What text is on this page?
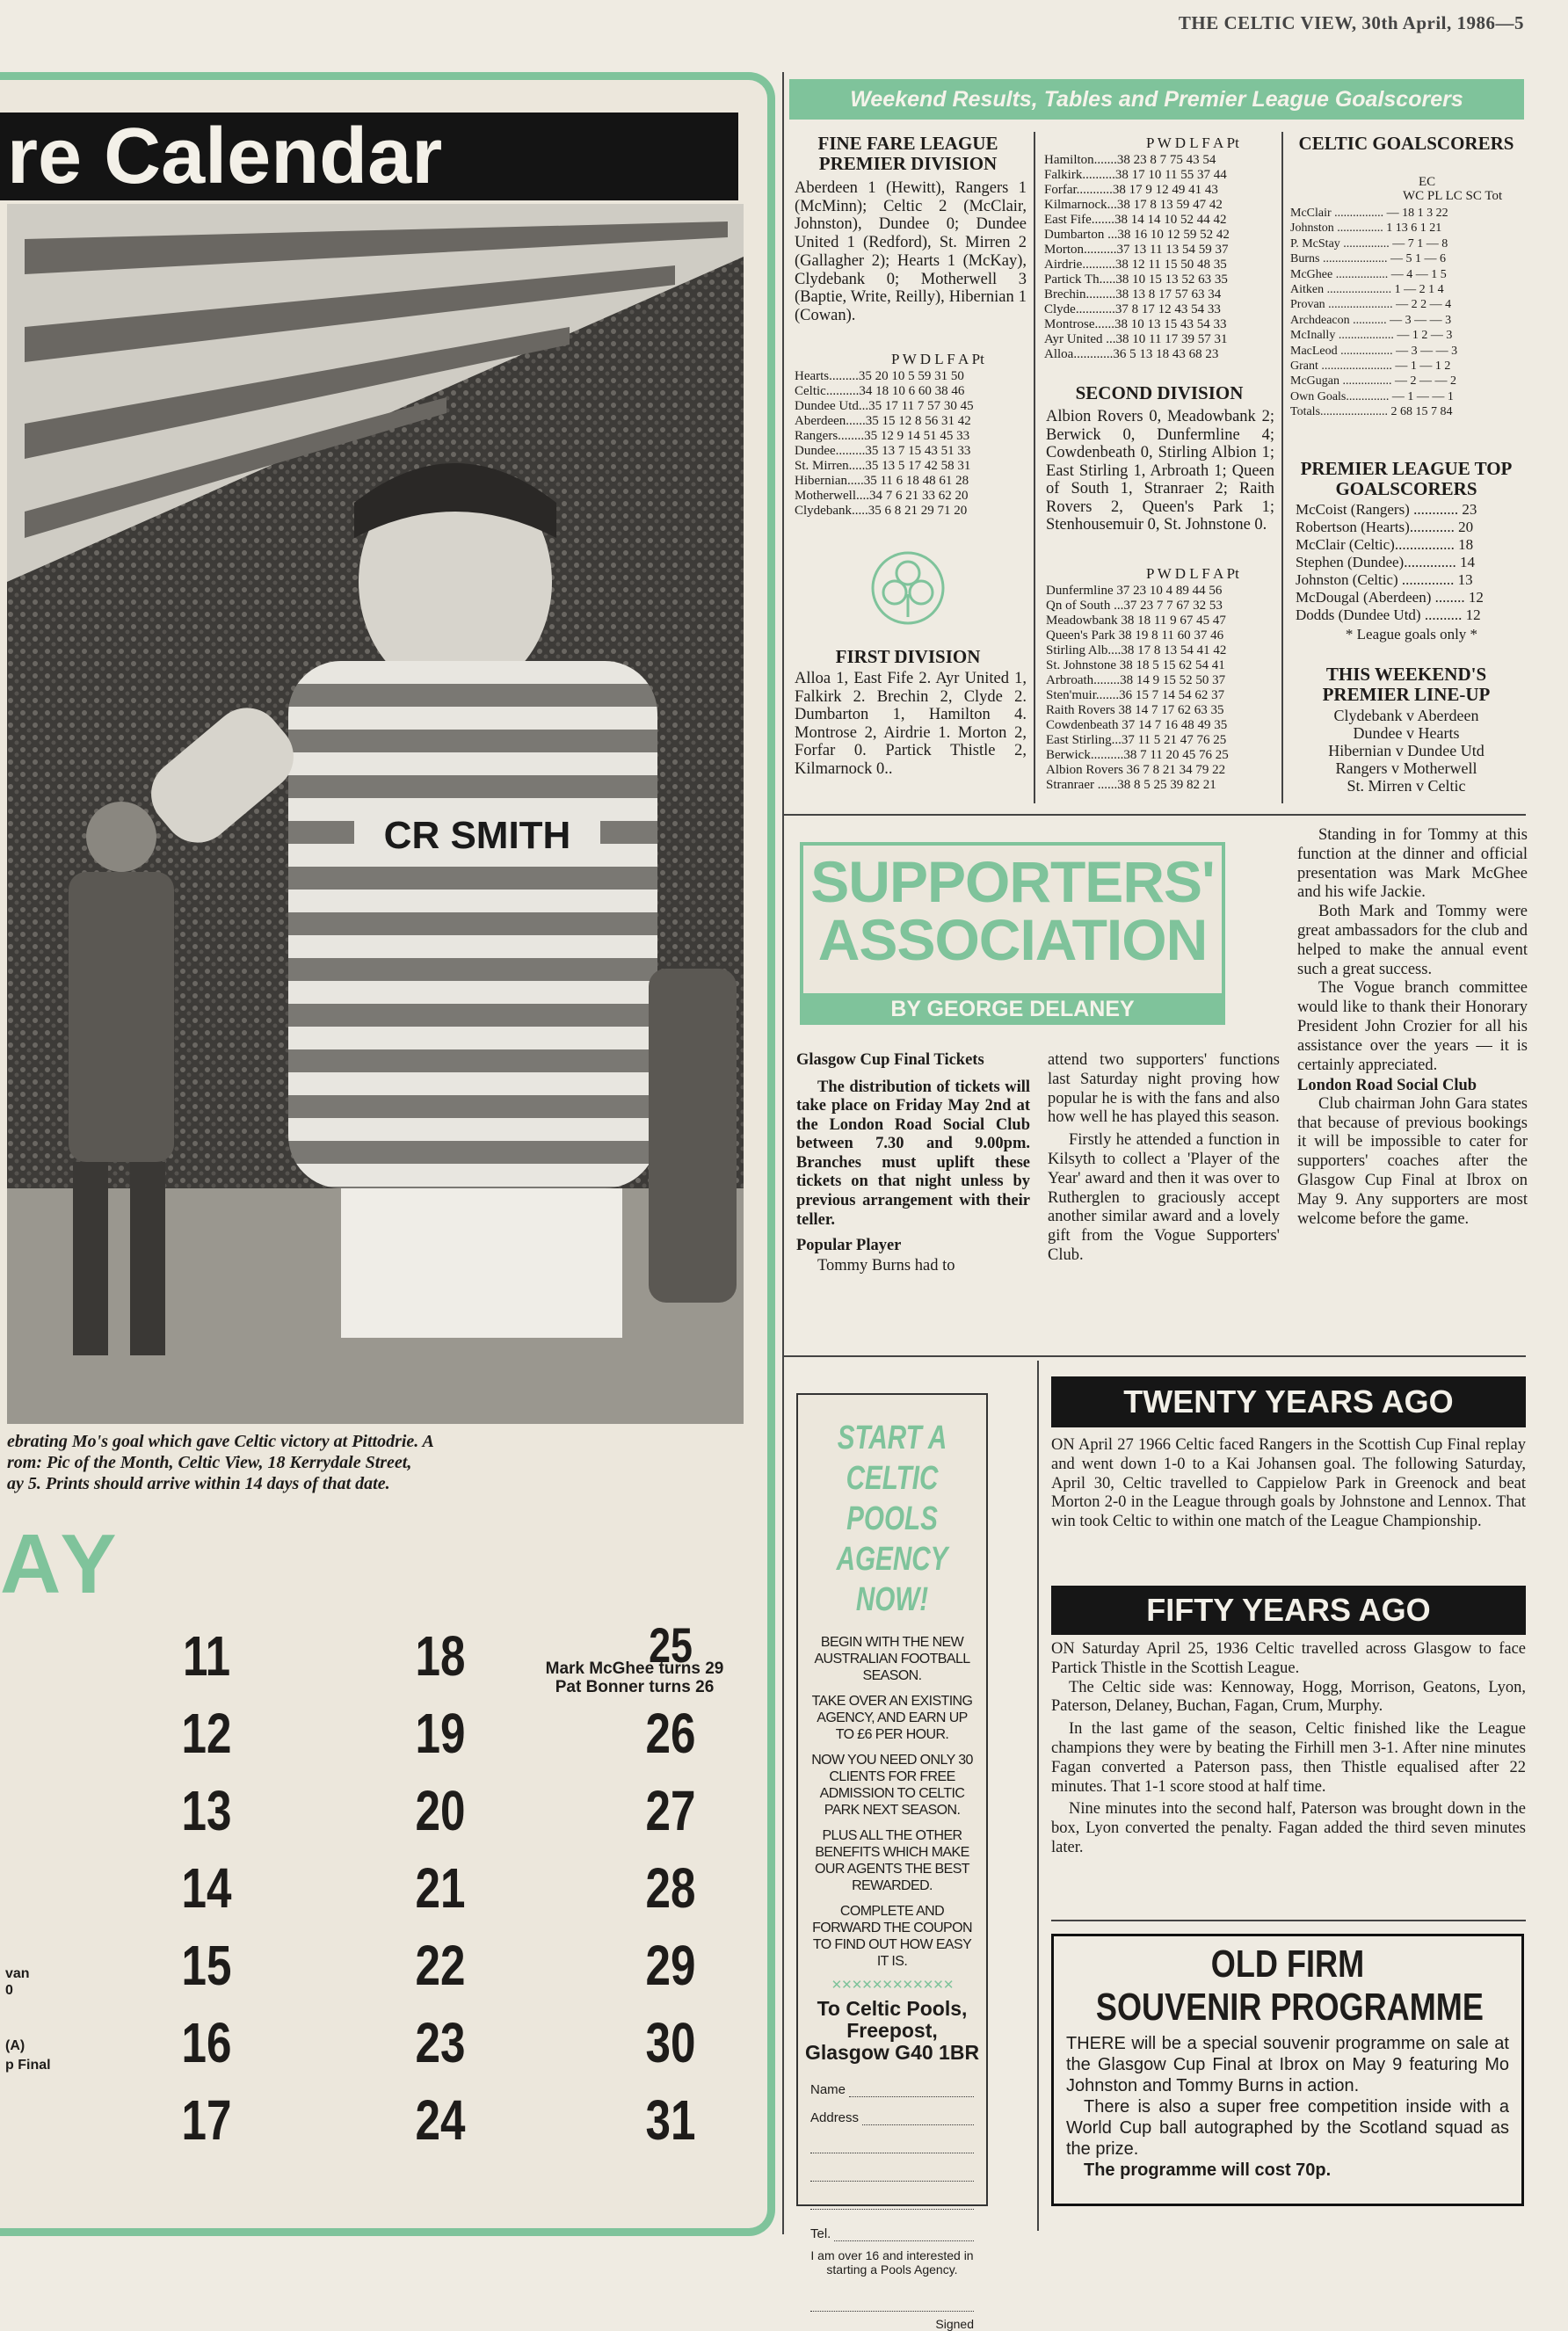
THE CELTIC VIEW, 30th April, 1986—5
re Calendar
CR SMITH
ebrating Mo's goal which gave Celtic victory at Pittodrie. A
rom: Pic of the Month, Celtic View, 18 Kerrydale Street,
ay 5. Prints should arrive within 14 days of that date.
AY
van
0
(A)
p Final
11
12
13
14
15
16
17
18
19
20
21
22
23
24
25
Mark McGhee turns 29
Pat Bonner turns 26
26
27
28
29
30
31
Weekend Results, Tables and Premier League Goalscorers
FINE FARE LEAGUE PREMIER DIVISION
Aberdeen 1 (Hewitt), Rangers 1 (McMinn); Celtic 2 (McClair, Johnston), Dundee 0; Dundee United 1 (Redford), St. Mirren 2 (Gallagher 2); Hearts 1 (McKay), Clydebank 0; Motherwell 3 (Baptie, Write, Reilly), Hibernian 1 (Cowan).
P W D L F A Pt
Hearts.........35 20 10 5 59 31 50
Celtic..........34 18 10 6 60 38 46
Dundee Utd...35 17 11 7 57 30 45
Aberdeen......35 15 12 8 56 31 42
Rangers........35 12 9 14 51 45 33
Dundee.........35 13 7 15 43 51 33
St. Mirren.....35 13 5 17 42 58 31
Hibernian.....35 11 6 18 48 61 28
Motherwell....34 7 6 21 33 62 20
Clydebank.....35 6 8 21 29 71 20
FIRST DIVISION
Alloa 1, East Fife 2. Ayr United 1, Falkirk 2. Brechin 2, Clyde 2. Dumbarton 1, Hamilton 4. Montrose 2, Airdrie 1. Morton 2, Forfar 0. Partick Thistle 2, Kilmarnock 0..
P W D L F A Pt
Hamilton.......38 23 8 7 75 43 54
Falkirk..........38 17 10 11 55 37 44
Forfar...........38 17 9 12 49 41 43
Kilmarnock...38 17 8 13 59 47 42
East Fife.......38 14 14 10 52 44 42
Dumbarton ...38 16 10 12 59 52 42
Morton..........37 13 11 13 54 59 37
Airdrie..........38 12 11 15 50 48 35
Partick Th.....38 10 15 13 52 63 35
Brechin.........38 13 8 17 57 63 34
Clyde............37 8 17 12 43 54 33
Montrose......38 10 13 15 43 54 33
Ayr United ...38 10 11 17 39 57 31
Alloa............36 5 13 18 43 68 23
SECOND DIVISION
Albion Rovers 0, Meadowbank 2; Berwick 0, Dunfermline 4; Cowdenbeath 0, Stirling Albion 1; East Stirling 1, Arbroath 1; Queen of South 1, Stranraer 2; Raith Rovers 2, Queen's Park 1; Stenhousemuir 0, St. Johnstone 0.
P W D L F A Pt
Dunfermline 37 23 10 4 89 44 56
Qn of South ...37 23 7 7 67 32 53
Meadowbank 38 18 11 9 67 45 47
Queen's Park 38 19 8 11 60 37 46
Stirling Alb....38 17 8 13 54 41 42
St. Johnstone 38 18 5 15 62 54 41
Arbroath........38 14 9 15 52 50 37
Sten'muir.......36 15 7 14 54 62 37
Raith Rovers 38 14 7 17 62 63 35
Cowdenbeath 37 14 7 16 48 49 35
East Stirling...37 11 5 21 47 76 25
Berwick..........38 7 11 20 45 76 25
Albion Rovers 36 7 8 21 34 79 22
Stranraer ......38 8 5 25 39 82 21
CELTIC GOALSCORERS
EC
WC PL LC SC Tot
McClair ................ — 18 1 3 22
Johnston ............... 1 13 6 1 21
P. McStay ............... — 7 1 — 8
Burns ..................... — 5 1 — 6
McGhee ................. — 4 — 1 5
Aitken ..................... 1 — 2 1 4
Provan ..................... — 2 2 — 4
Archdeacon ........... — 3 — — 3
McInally .................. — 1 2 — 3
MacLeod ................. — 3 — — 3
Grant ....................... — 1 — 1 2
McGugan ................ — 2 — — 2
Own Goals.............. — 1 — — 1
Totals...................... 2 68 15 7 84
PREMIER LEAGUE TOP GOALSCORERS
McCoist (Rangers) ............ 23
Robertson (Hearts)............ 20
McClair (Celtic)................ 18
Stephen (Dundee).............. 14
Johnston (Celtic) .............. 13
McDougal (Aberdeen) ........ 12
Dodds (Dundee Utd) .......... 12
* League goals only *
THIS WEEKEND'S PREMIER LINE-UP
Clydebank v Aberdeen
Dundee v Hearts
Hibernian v Dundee Utd
Rangers v Motherwell
St. Mirren v Celtic
SUPPORTERS'
ASSOCIATION
BY GEORGE DELANEY
Glasgow Cup Final Tickets
The distribution of tickets will take place on Friday May 2nd at the London Road Social Club between 7.30 and 9.00pm. Branches must uplift these tickets on that night unless by previous arrangement with their teller.
Popular Player
Tommy Burns had to
attend two supporters' functions last Saturday night proving how popular he is with the fans and also how well he has played this season.
Firstly he attended a function in Kilsyth to collect a 'Player of the Year' award and then it was over to Rutherglen to graciously accept another similar award and a lovely gift from the Vogue Supporters' Club.
Standing in for Tommy at this function at the dinner and official presentation was Mark McGhee and his wife Jackie.
Both Mark and Tommy were great ambassadors for the club and helped to make the annual event such a great success.
The Vogue branch committee would like to thank their Honorary President John Crozier for all his assistance over the years — it is certainly appreciated.
London Road Social Club
Club chairman John Gara states that because of previous bookings it will be impossible to cater for supporters' coaches after the Glasgow Cup Final at Ibrox on May 9. Any supporters are most welcome before the game.
START A CELTIC
POOLS AGENCY
NOW!
BEGIN WITH THE NEW AUSTRALIAN FOOTBALL SEASON.
TAKE OVER AN EXISTING AGENCY, AND EARN UP TO £6 PER HOUR.
NOW YOU NEED ONLY 30 CLIENTS FOR FREE ADMISSION TO CELTIC PARK NEXT SEASON.
PLUS ALL THE OTHER BENEFITS WHICH MAKE OUR AGENTS THE BEST REWARDED.
COMPLETE AND FORWARD THE COUPON TO FIND OUT HOW EASY IT IS.
✕✕✕✕✕✕✕✕✕✕✕✕
To Celtic Pools,
Freepost,
Glasgow G40 1BR
Name
Address
Tel.
I am over 16 and interested in starting a Pools Agency.
Signed
TWENTY YEARS AGO
ON April 27 1966 Celtic faced Rangers in the Scottish Cup Final replay and went down 1-0 to a Kai Johansen goal. The following Saturday, April 30, Celtic travelled to Cappielow Park in Greenock and beat Morton 2-0 in the League through goals by Johnstone and Lennox. That win took Celtic to within one match of the League Championship.
FIFTY YEARS AGO
ON Saturday April 25, 1936 Celtic travelled across Glasgow to face Partick Thistle in the Scottish League.
The Celtic side was: Kennoway, Hogg, Morrison, Geatons, Lyon, Paterson, Delaney, Buchan, Fagan, Crum, Murphy.
In the last game of the season, Celtic finished like the League champions they were by beating the Firhill men 3-1. After nine minutes Fagan converted a Paterson pass, then Thistle equalised after 22 minutes. That 1-1 score stood at half time.
Nine minutes into the second half, Paterson was brought down in the box, Lyon converted the penalty. Fagan added the third seven minutes later.
OLD FIRM
SOUVENIR PROGRAMME
THERE will be a special souvenir programme on sale at the Glasgow Cup Final at Ibrox on May 9 featuring Mo Johnston and Tommy Burns in action.
There is also a super free competition inside with a World Cup ball autographed by the Scotland squad as the prize.
The programme will cost 70p.
